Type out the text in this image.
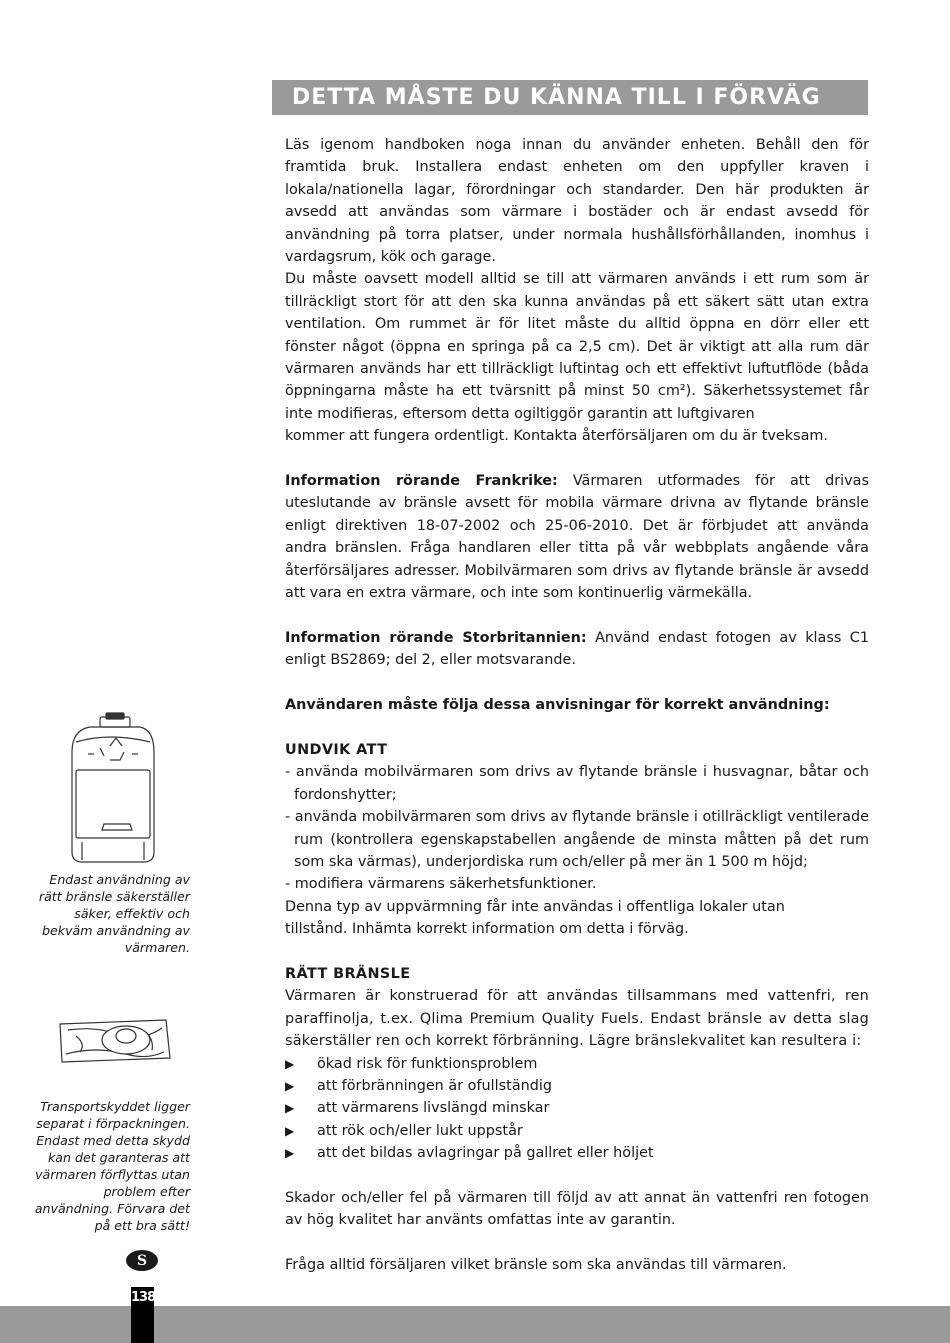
DETTA MÅSTE DU KÄNNA TILL I FÖRVÄG

Endast användning av rätt bränsle säkerställer säker, effektiv och bekväm användning av värmaren.

Transportskyddet ligger separat i förpackningen. Endast med detta skydd kan det garanteras att värmaren förflyttas utan problem efter användning. Förvara det på ett bra sätt!

S

Läs igenom handboken noga innan du använder enheten. Behåll den för framtida bruk. Installera endast enheten om den uppfyller kraven i lokala/nationella lagar, förordningar och standarder. Den här produkten är avsedd att användas som värmare i bostäder och är endast avsedd för användning på torra platser, under normala hushållsförhållanden, inomhus i vardagsrum, kök och garage.

Du måste oavsett modell alltid se till att värmaren används i ett rum som är tillräckligt stort för att den ska kunna användas på ett säkert sätt utan extra ventilation. Om rummet är för litet måste du alltid öppna en dörr eller ett fönster något (öppna en springa på ca 2,5 cm). Det är viktigt att alla rum där värmaren används har ett tillräckligt luftintag och ett effektivt luftutflöde (båda öppningarna måste ha ett tvärsnitt på minst 50 cm²). Säkerhetssystemet får inte modifieras, eftersom detta ogiltiggör garantin att luftgivaren

kommer att fungera ordentligt. Kontakta återförsäljaren om du är tveksam.

Information rörande Frankrike: Värmaren utformades för att drivas uteslutande av bränsle avsett för mobila värmare drivna av flytande bränsle enligt direktiven 18-07-2002 och 25-06-2010. Det är förbjudet att använda andra bränslen. Fråga handlaren eller titta på vår webbplats angående våra återförsäljares adresser. Mobilvärmaren som drivs av flytande bränsle är avsedd att vara en extra värmare, och inte som kontinuerlig värmekälla.

Information rörande Storbritannien: Använd endast fotogen av klass C1 enligt BS2869; del 2, eller motsvarande.

Användaren måste följa dessa anvisningar för korrekt användning:

UNDVIK ATT

- använda mobilvärmaren som drivs av flytande bränsle i husvagnar, båtar och fordonshytter;

- använda mobilvärmaren som drivs av flytande bränsle i otillräckligt ventilerade rum (kontrollera egenskapstabellen angående de minsta måtten på det rum som ska värmas), underjordiska rum och/eller på mer än 1 500 m höjd;

- modifiera värmarens säkerhetsfunktioner.

Denna typ av uppvärmning får inte användas i offentliga lokaler utan

tillstånd. Inhämta korrekt information om detta i förväg.

RÄTT BRÄNSLE

Värmaren är konstruerad för att användas tillsammans med vattenfri, ren paraffinolja, t.ex. Qlima Premium Quality Fuels. Endast bränsle av detta slag säkerställer ren och korrekt förbränning. Lägre bränslekvalitet kan resultera i:

▶	ökad risk för funktionsproblem
▶	att förbränningen är ofullständig
▶	att värmarens livslängd minskar
▶	att rök och/eller lukt uppstår
▶	att det bildas avlagringar på gallret eller höljet

Skador och/eller fel på värmaren till följd av att annat än vattenfri ren fotogen av hög kvalitet har använts omfattas inte av garantin.

Fråga alltid försäljaren vilket bränsle som ska användas till värmaren.

138
